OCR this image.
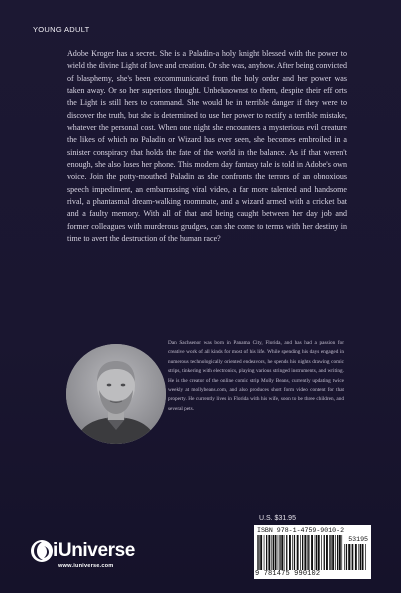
YOUNG ADULT

Adobe Kroger has a secret. She is a Paladin-a holy knight blessed with the power to wield the divine Light of love and creation. Or she was, anyhow. After being convicted of blasphemy, she's been excommunicated from the holy order and her power was taken away. Or so her superiors thought. Unbeknownst to them, despite their eff orts the Light is still hers to command. She would be in terrible danger if they were to discover the truth, but she is determined to use her power to rectify a terrible mistake, whatever the personal cost. When one night she encounters a mysterious evil creature the likes of which no Paladin or Wizard has ever seen, she becomes embroiled in a sinister conspiracy that holds the fate of the world in the balance. As if that weren't enough, she also loses her phone. This modern day fantasy tale is told in Adobe's own voice. Join the potty-mouthed Paladin as she confronts the terrors of an obnoxious speech impediment, an embarrassing viral video, a far more talented and handsome rival, a phantasmal dream-walking roommate, and a wizard armed with a cricket bat and a faulty memory. With all of that and being caught between her day job and former colleagues with murderous grudges, can she come to terms with her destiny in time to avert the destruction of the human race?

Dan Sachsenor was born in Panama City, Florida, and has had a passion for creative work of all kinds for most of his life. While spending his days engaged in numerous technologically oriented endeavors, he spends his nights drawing comic strips, tinkering with electronics, playing various stringed instruments, and writing. He is the creator of the online comic strip Molly Beans, currently updating twice weekly at mollybeans.com, and also produces short form video content for that property. He currently lives in Florida with his wife, soon to be three children, and several pets.

U.S. $31.95
ISBN 978-1-4759-9010-2
53195
9 781475 990102
iUniverse
www.iuniverse.com
